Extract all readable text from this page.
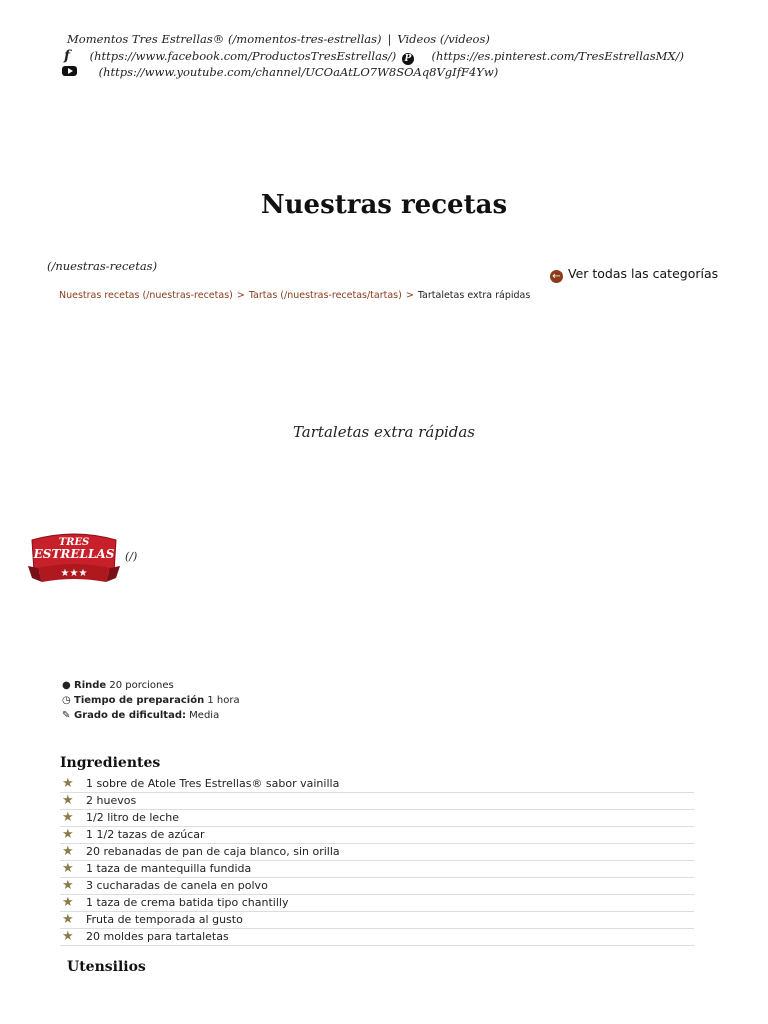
Momentos Tres Estrellas® (/momentos-tres-estrellas) | Videos (/videos)
f (https://www.facebook.com/ProductosTresEstrellas/) P (https://es.pinterest.com/TresEstrellasMX/)
(https://www.youtube.com/channel/UCOaAtLO7W8SOAq8VgIfF4Yw)
Nuestras recetas
(/nuestras-recetas)
← Ver todas las categorías
Nuestras recetas (/nuestras-recetas) > Tartas (/nuestras-recetas/tartas) > Tartaletas extra rápidas
Tartaletas extra rápidas
TRES
ESTRELLAS
★★★
(/)
● Rinde 20 porciones
◷ Tiempo de preparación 1 hora
✎ Grado de dificultad: Media
Ingredientes
★ 1 sobre de Atole Tres Estrellas® sabor vainilla
★ 2 huevos
★ 1/2 litro de leche
★ 1 1/2 tazas de azúcar
★ 20 rebanadas de pan de caja blanco, sin orilla
★ 1 taza de mantequilla fundida
★ 3 cucharadas de canela en polvo
★ 1 taza de crema batida tipo chantilly
★ Fruta de temporada al gusto
★ 20 moldes para tartaletas
Utensilios
